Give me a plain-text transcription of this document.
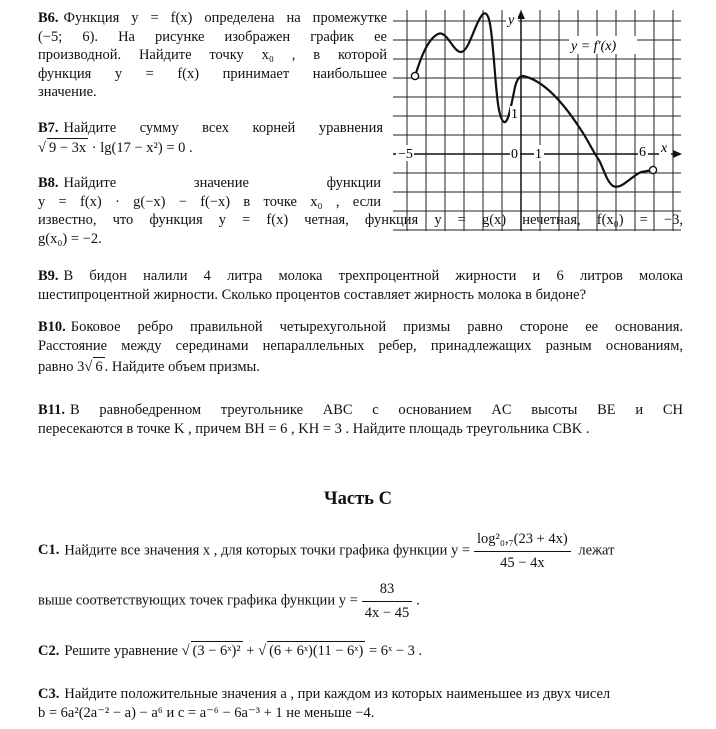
B6. Функция y = f(x) определена на промежутке
(−5; 6). На рисунке изображен график ее
производной. Найдите точку x₀ , в которой
функция y = f(x) принимает наибольшее
значение.
B7. Найдите сумму всех корней уравнения
√ 9 − 3x · lg(17 − x²) = 0 .
B8. Найдите значение функции
y = f(x) · g(−x) − f(−x) в точке x₀ , если
известно, что функция y = f(x) четная, функция y = g(x) нечетная, f(x₀) = −3,
g(x₀) = −2.
B9. В бидон налили 4 литра молока трехпроцентной жирности и 6 литров молока
шестипроцентной жирности. Сколько процентов составляет жирность молока в бидоне?
B10. Боковое ребро правильной четырехугольной призмы равно стороне ее основания.
Расстояние между серединами непараллельных ребер, принадлежащих разным основаниям,
равно 3√ 6 . Найдите объем призмы.
B11. В равнобедренном треугольнике ABC с основанием AC высоты BE и CH
пересекаются в точке K , причем BH = 6 , KH = 3 . Найдите площадь треугольника CBK .
Часть С
C1. Найдите все значения x , для которых точки графика функции $y = \frac{\text{log²₀,₇(23 + 4x)}}{45 - 4x}$ лежат
выше соответствующих точек графика функции $y = \frac{83}{4x - 45}$ .
C2. Решите уравнение √ (3 − 6ˣ)² + √ (6 + 6ˣ)(11 − 6ˣ) = 6ˣ − 3 .
C3. Найдите положительные значения a , при каждом из которых наименьшее из двух чисел
b = 6a²(2a⁻² − a) − a⁶ и c = a⁻⁶ − 6a⁻³ + 1 не меньше −4.
y = f′(x)
y
x
−5	0 1
1
6
